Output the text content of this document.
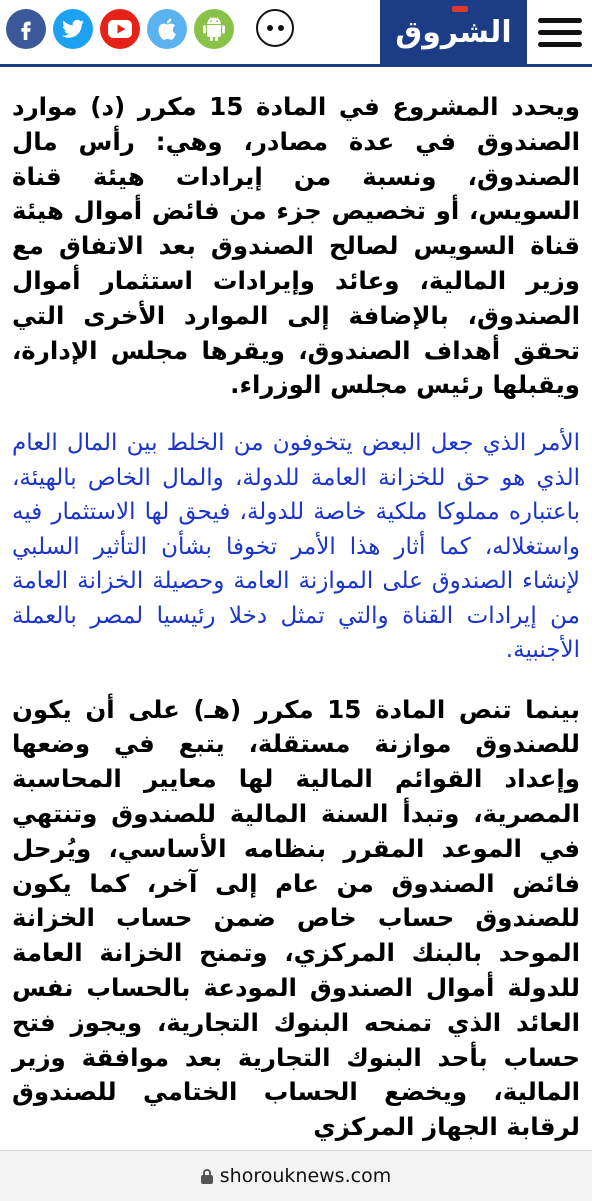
الشروق

ويحدد المشروع في المادة 15 مكرر (د) موارد الصندوق في عدة مصادر، وهي: رأس مال الصندوق، ونسبة من إيرادات هيئة قناة السويس، أو تخصيص جزء من فائض أموال هيئة قناة السويس لصالح الصندوق بعد الاتفاق مع وزير المالية، وعائد وإيرادات استثمار أموال الصندوق، بالإضافة إلى الموارد الأخرى التي تحقق أهداف الصندوق، ويقرها مجلس الإدارة، ويقبلها رئيس مجلس الوزراء.

الأمر الذي جعل البعض يتخوفون من الخلط بين المال العام الذي هو حق للخزانة العامة للدولة، والمال الخاص بالهيئة، باعتباره مملوكا ملكية خاصة للدولة، فيحق لها الاستثمار فيه واستغلاله، كما أثار هذا الأمر تخوفا بشأن التأثير السلبي لإنشاء الصندوق على الموازنة العامة وحصيلة الخزانة العامة من إيرادات القناة والتي تمثل دخلا رئيسيا لمصر بالعملة الأجنبية.

بينما تنص المادة 15 مكرر (هـ) على أن يكون للصندوق موازنة مستقلة، يتبع في وضعها وإعداد القوائم المالية لها معايير المحاسبة المصرية، وتبدأ السنة المالية للصندوق وتنتهي في الموعد المقرر بنظامه الأساسي، ويُرحل فائض الصندوق من عام إلى آخر، كما يكون للصندوق حساب خاص ضمن حساب الخزانة الموحد بالبنك المركزي، وتمنح الخزانة العامة للدولة أموال الصندوق المودعة بالحساب نفس العائد الذي تمنحه البنوك التجارية، ويجوز فتح حساب بأحد البنوك التجارية بعد موافقة وزير المالية، ويخضع الحساب الختامي للصندوق لرقابة الجهاز المركزي

shorouknews.com
